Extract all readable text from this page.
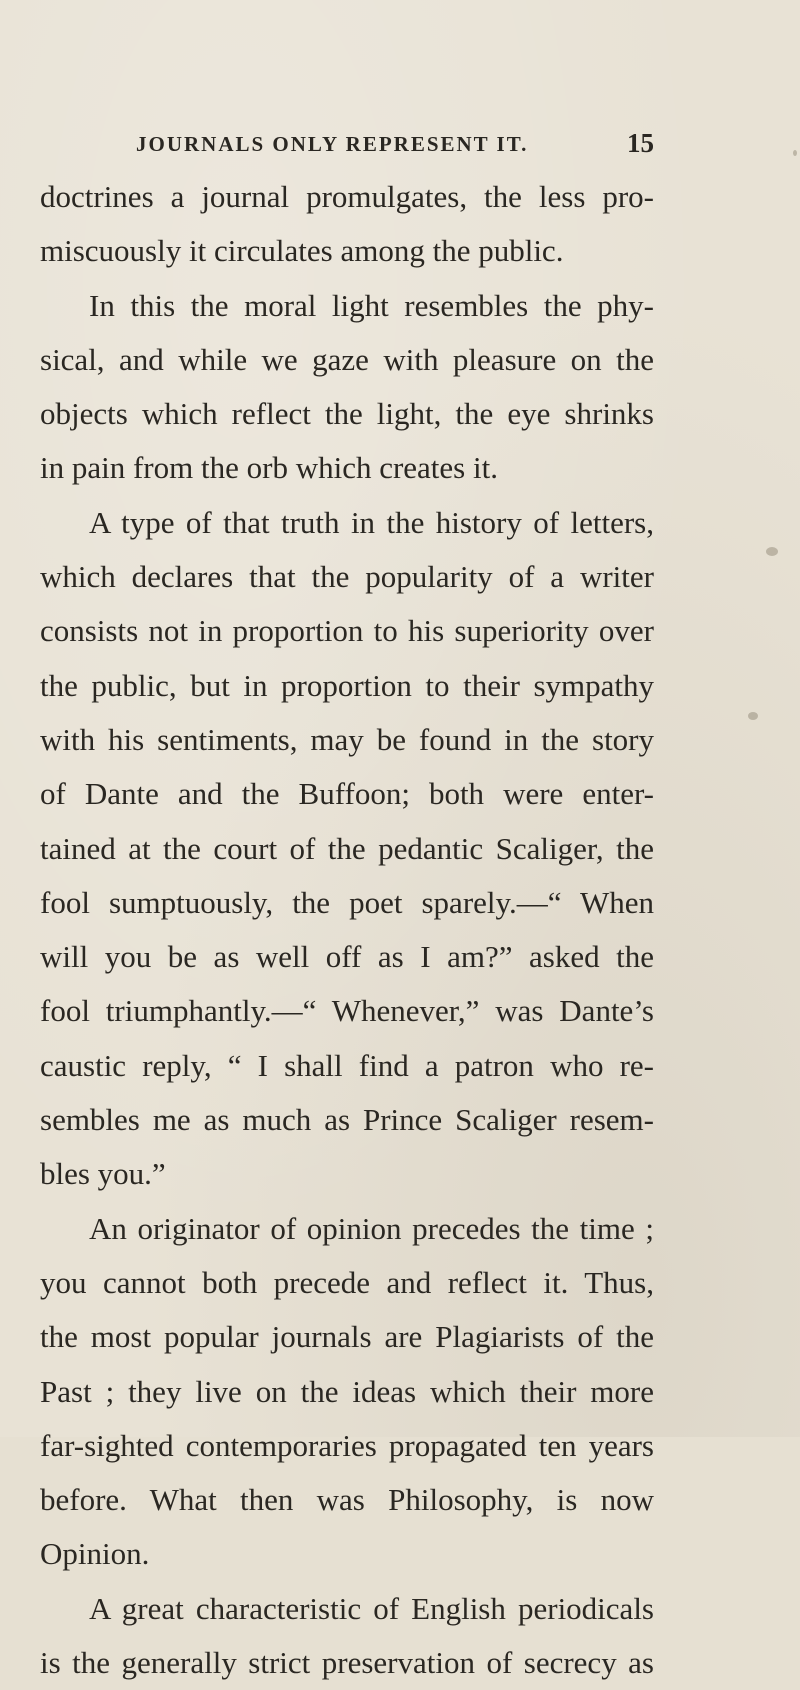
JOURNALS ONLY REPRESENT IT.	15
doctrines a journal promulgates, the less pro-
miscuously it circulates among the public.
In this the moral light resembles the phy-
sical, and while we gaze with pleasure on the
objects which reflect the light, the eye shrinks
in pain from the orb which creates it.
A type of that truth in the history of letters,
which declares that the popularity of a writer
consists not in proportion to his superiority over
the public, but in proportion to their sympathy
with his sentiments, may be found in the story
of Dante and the Buffoon; both were enter-
tained at the court of the pedantic Scaliger, the
fool sumptuously, the poet sparely.—“ When
will you be as well off as I am?” asked the
fool triumphantly.—“ Whenever,” was Dante’s
caustic reply, “ I shall find a patron who re-
sembles me as much as Prince Scaliger resem-
bles you.”
An originator of opinion precedes the time ;
you cannot both precede and reflect it. Thus,
the most popular journals are Plagiarists of the
Past ; they live on the ideas which their more
far-sighted contemporaries propagated ten years
before. What then was Philosophy, is now
Opinion.
A great characteristic of English periodicals
is the generally strict preservation of secrecy as
